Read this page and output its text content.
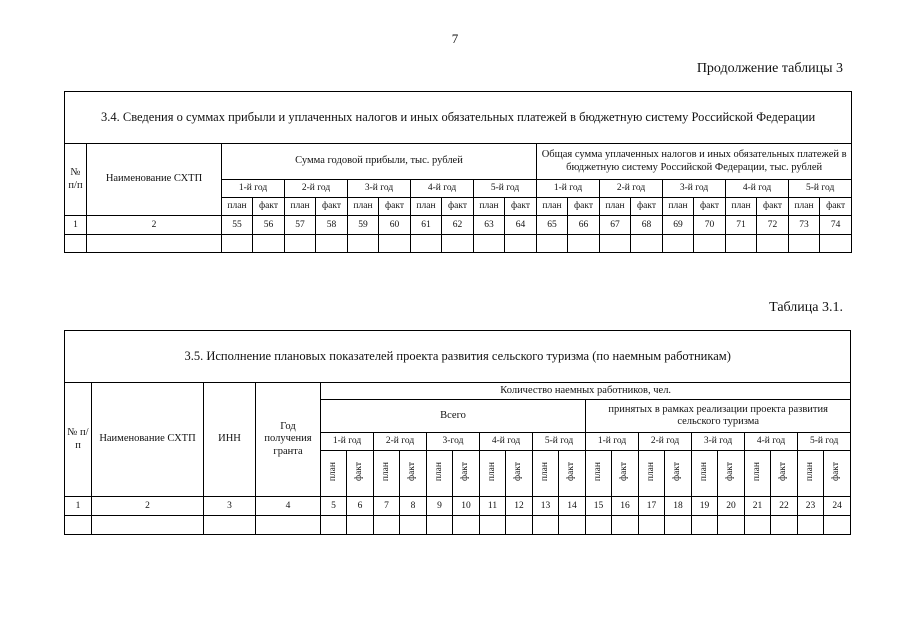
7
Продолжение таблицы 3
3.4. Сведения о суммах прибыли и уплаченных налогов и иных обязательных платежей в бюджетную систему Российской Федерации																					
№ п/п	Наименование СХТП	Сумма годовой прибыли, тыс. рублей										Общая сумма уплаченных налогов и иных обязательных платежей в бюджетную систему Российской Федерации, тыс. рублей									
		1-й год		2-й год		3-й год		4-й год		5-й год		1-й год		2-й год		3-й год		4-й год		5-й год	
		план	факт	план	факт	план	факт	план	факт	план	факт	план	факт	план	факт	план	факт	план	факт	план	факт
1	2	55	56	57	58	59	60	61	62	63	64	65	66	67	68	69	70	71	72	73	74

Таблица 3.1.
3.5. Исполнение плановых показателей проекта развития сельского туризма (по наемным работникам)																							
№ п/п	Наименование СХТП	ИНН	Год получения гранта	Количество наемных работников, чел.																			
				Всего										принятых в рамках реализации проекта развития сельского туризма									
				1-й год		2-й год		3-год		4-й год		5-й год		1-й год		2-й год		3-й год		4-й год		5-й год	
				план	факт	план	факт	план	факт	план	факт	план	факт	план	факт	план	факт	план	факт	план	факт	план	факт
1	2	3	4	5	6	7	8	9	10	11	12	13	14	15	16	17	18	19	20	21	22	23	24
